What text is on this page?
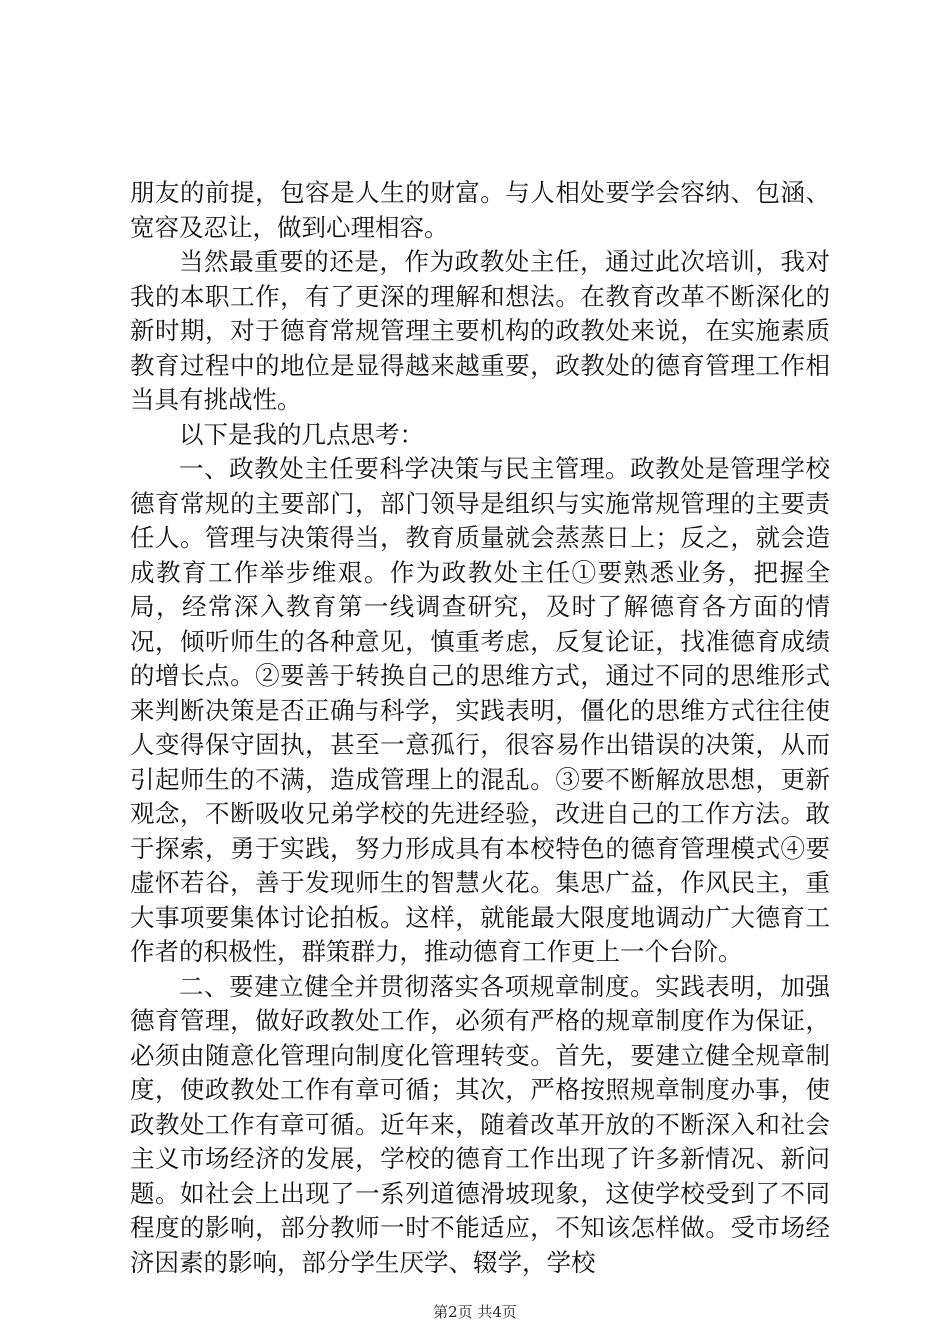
朋友的前提，包容是人生的财富。与人相处要学会容纳、包涵、宽容及忍让，做到心理相容。

当然最重要的还是，作为政教处主任，通过此次培训，我对我的本职工作，有了更深的理解和想法。在教育改革不断深化的新时期，对于德育常规管理主要机构的政教处来说，在实施素质教育过程中的地位是显得越来越重要，政教处的德育管理工作相当具有挑战性。

以下是我的几点思考：

一、政教处主任要科学决策与民主管理。政教处是管理学校德育常规的主要部门，部门领导是组织与实施常规管理的主要责任人。管理与决策得当，教育质量就会蒸蒸日上；反之，就会造成教育工作举步维艰。作为政教处主任①要熟悉业务，把握全局，经常深入教育第一线调查研究，及时了解德育各方面的情况，倾听师生的各种意见，慎重考虑，反复论证，找准德育成绩的增长点。②要善于转换自己的思维方式，通过不同的思维形式来判断决策是否正确与科学，实践表明，僵化的思维方式往往使人变得保守固执，甚至一意孤行，很容易作出错误的决策，从而引起师生的不满，造成管理上的混乱。③要不断解放思想，更新观念，不断吸收兄弟学校的先进经验，改进自己的工作方法。敢于探索，勇于实践，努力形成具有本校特色的德育管理模式④要虚怀若谷，善于发现师生的智慧火花。集思广益，作风民主，重大事项要集体讨论拍板。这样，就能最大限度地调动广大德育工作者的积极性，群策群力，推动德育工作更上一个台阶。

二、要建立健全并贯彻落实各项规章制度。实践表明，加强德育管理，做好政教处工作，必须有严格的规章制度作为保证，必须由随意化管理向制度化管理转变。首先，要建立健全规章制度，使政教处工作有章可循；其次，严格按照规章制度办事，使政教处工作有章可循。近年来，随着改革开放的不断深入和社会主义市场经济的发展，学校的德育工作出现了许多新情况、新问题。如社会上出现了一系列道德滑坡现象，这使学校受到了不同程度的影响，部分教师一时不能适应，不知该怎样做。受市场经济因素的影响，部分学生厌学、辍学，学校

第2页 共4页
